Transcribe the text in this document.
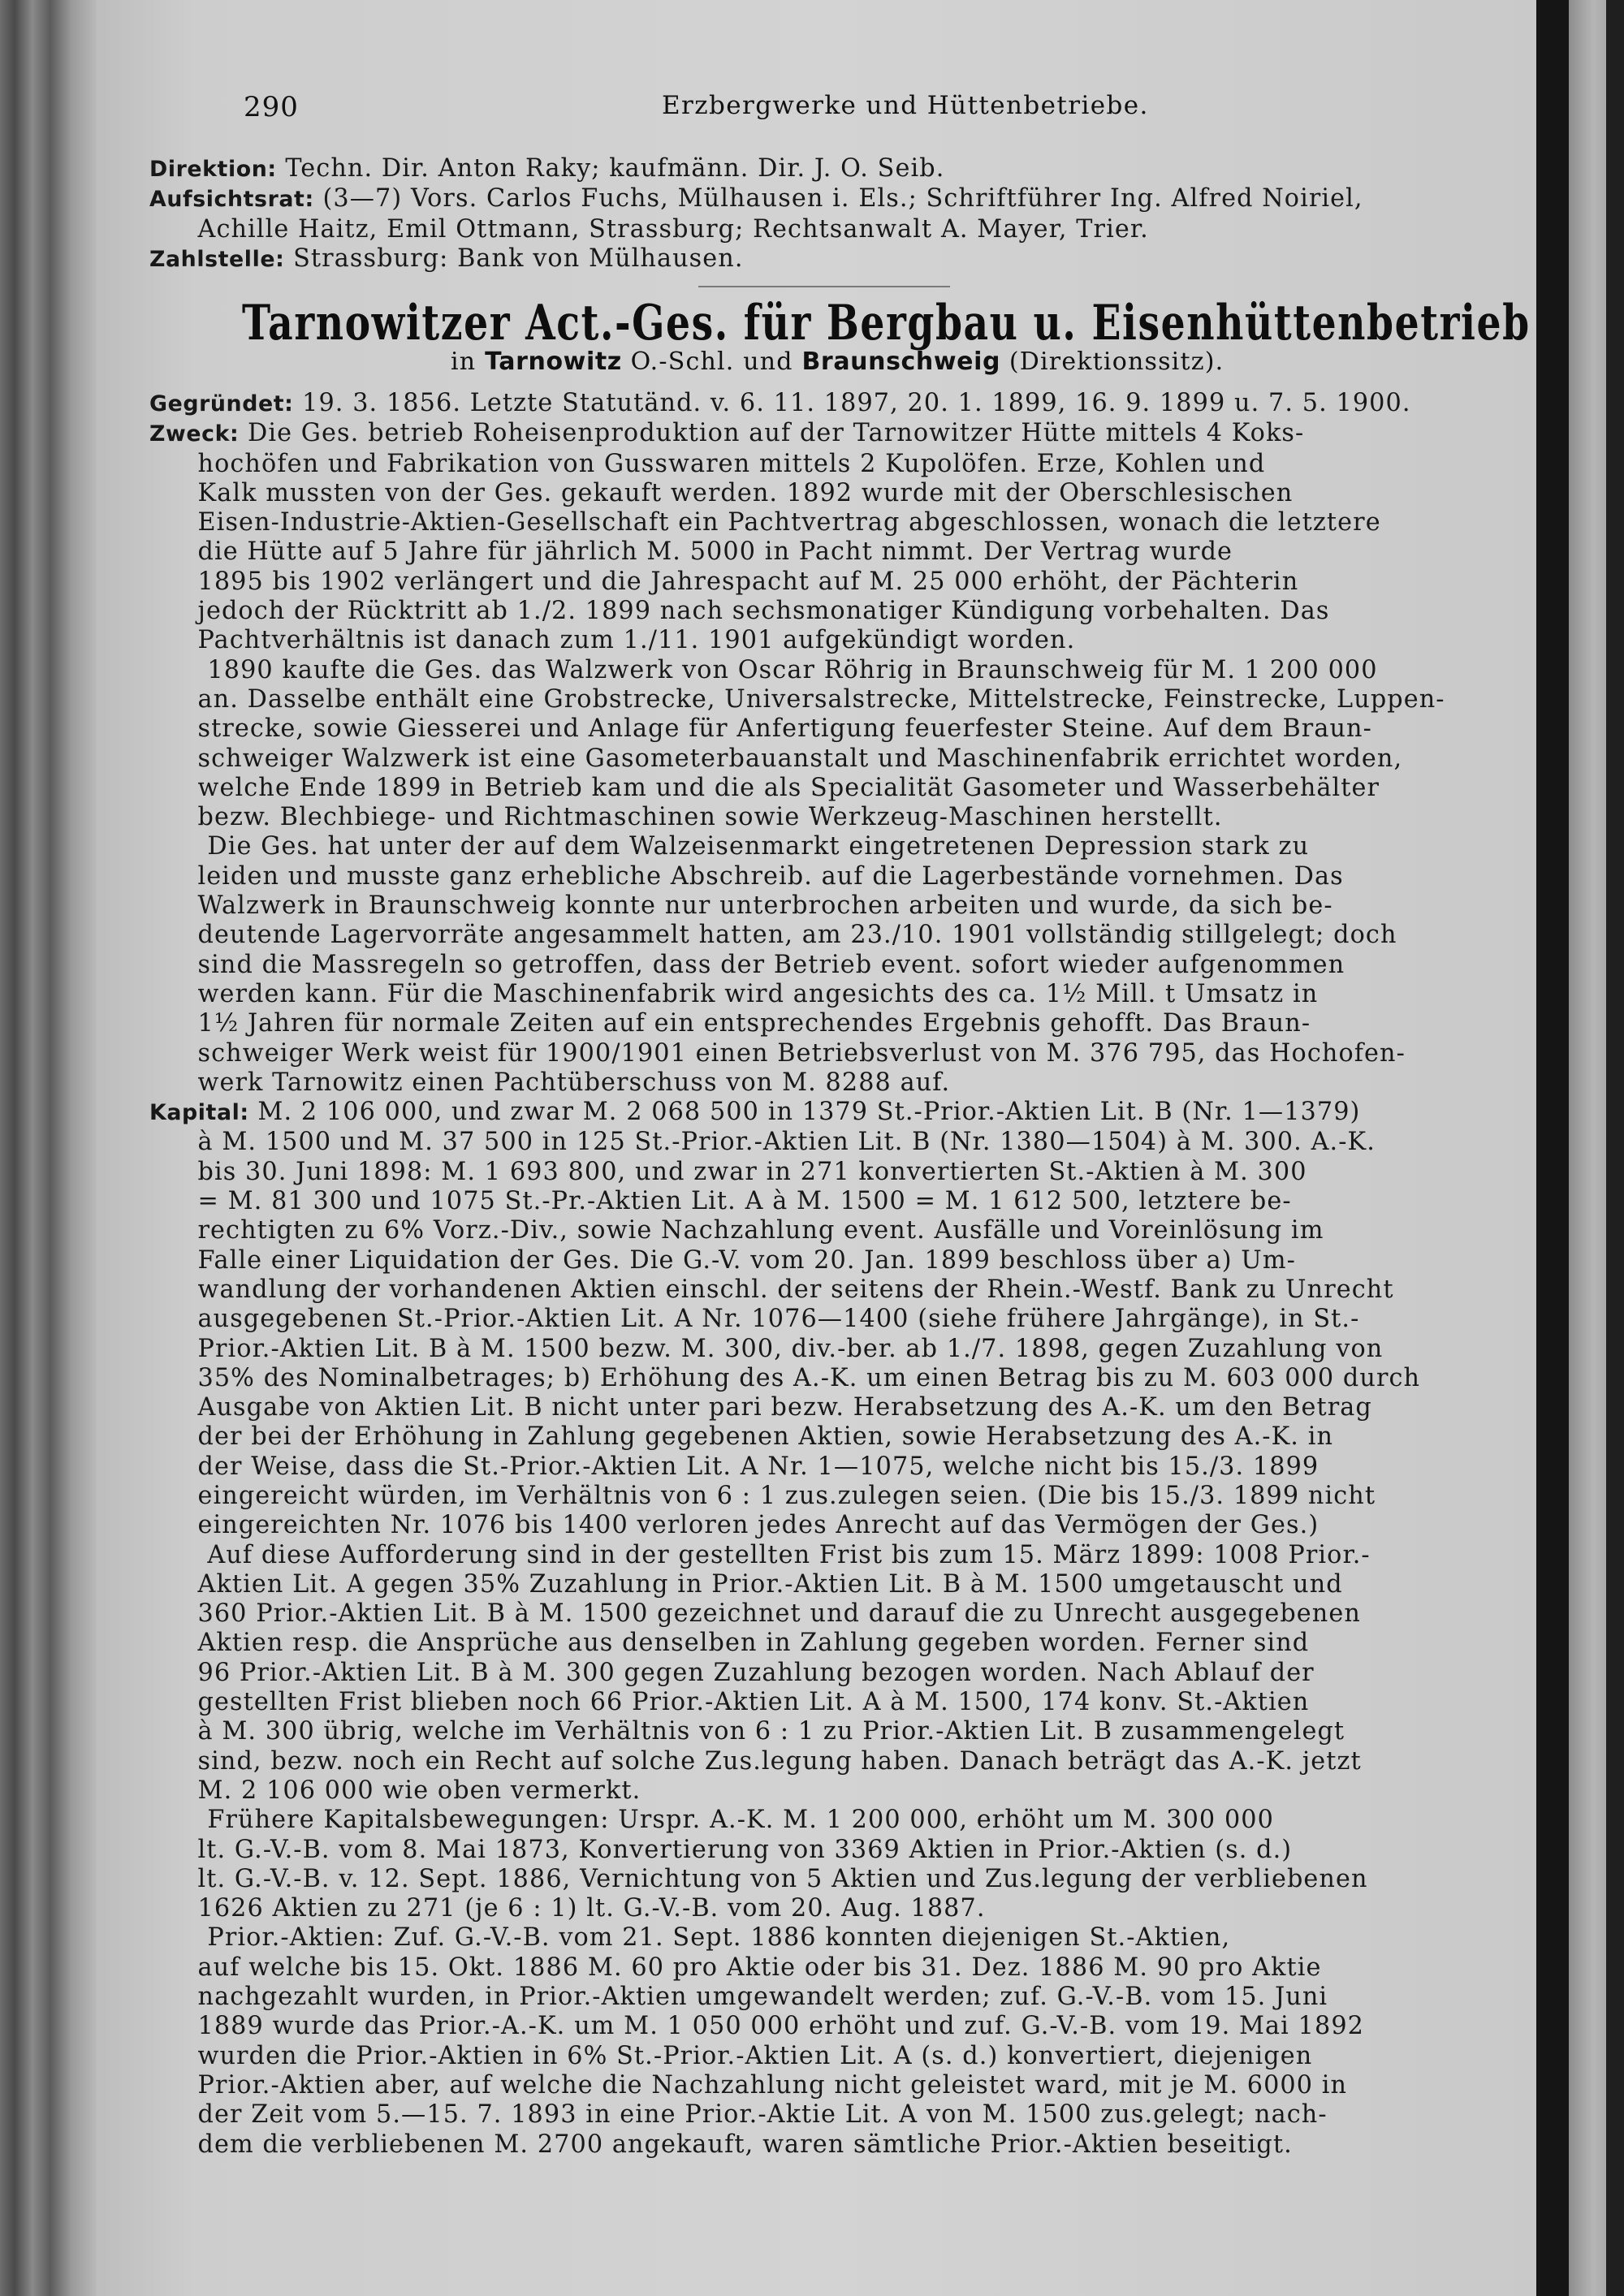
290	Erzbergwerke und Hüttenbetriebe.

Direktion: Techn. Dir. Anton Raky; kaufmänn. Dir. J. O. Seib.

Aufsichtsrat: (3—7) Vors. Carlos Fuchs, Mülhausen i. Els.; Schriftführer Ing. Alfred Noiriel,

Achille Haitz, Emil Ottmann, Strassburg; Rechtsanwalt A. Mayer, Trier.

Zahlstelle: Strassburg: Bank von Mülhausen.

Tarnowitzer Act.-Ges. für Bergbau u. Eisenhüttenbetrieb
in Tarnowitz O.-Schl. und Braunschweig (Direktionssitz).

Gegründet: 19. 3. 1856. Letzte Statutänd. v. 6. 11. 1897, 20. 1. 1899, 16. 9. 1899 u. 7. 5. 1900.

Zweck: Die Ges. betrieb Roheisenproduktion auf der Tarnowitzer Hütte mittels 4 Koks-

hochöfen und Fabrikation von Gusswaren mittels 2 Kupolöfen. Erze, Kohlen und

Kalk mussten von der Ges. gekauft werden. 1892 wurde mit der Oberschlesischen

Eisen-Industrie-Aktien-Gesellschaft ein Pachtvertrag abgeschlossen, wonach die letztere

die Hütte auf 5 Jahre für jährlich M. 5000 in Pacht nimmt. Der Vertrag wurde

1895 bis 1902 verlängert und die Jahrespacht auf M. 25 000 erhöht, der Pächterin

jedoch der Rücktritt ab 1./2. 1899 nach sechsmonatiger Kündigung vorbehalten. Das

Pachtverhältnis ist danach zum 1./11. 1901 aufgekündigt worden.

1890 kaufte die Ges. das Walzwerk von Oscar Röhrig in Braunschweig für M. 1 200 000

an. Dasselbe enthält eine Grobstrecke, Universalstrecke, Mittelstrecke, Feinstrecke, Luppen-

strecke, sowie Giesserei und Anlage für Anfertigung feuerfester Steine. Auf dem Braun-

schweiger Walzwerk ist eine Gasometerbauanstalt und Maschinenfabrik errichtet worden,

welche Ende 1899 in Betrieb kam und die als Specialität Gasometer und Wasserbehälter

bezw. Blechbiege- und Richtmaschinen sowie Werkzeug-Maschinen herstellt.

Die Ges. hat unter der auf dem Walzeisenmarkt eingetretenen Depression stark zu

leiden und musste ganz erhebliche Abschreib. auf die Lagerbestände vornehmen. Das

Walzwerk in Braunschweig konnte nur unterbrochen arbeiten und wurde, da sich be-

deutende Lagervorräte angesammelt hatten, am 23./10. 1901 vollständig stillgelegt; doch

sind die Massregeln so getroffen, dass der Betrieb event. sofort wieder aufgenommen

werden kann. Für die Maschinenfabrik wird angesichts des ca. 1½ Mill. t Umsatz in

1½ Jahren für normale Zeiten auf ein entsprechendes Ergebnis gehofft. Das Braun-

schweiger Werk weist für 1900/1901 einen Betriebsverlust von M. 376 795, das Hochofen-

werk Tarnowitz einen Pachtüberschuss von M. 8288 auf.

Kapital: M. 2 106 000, und zwar M. 2 068 500 in 1379 St.-Prior.-Aktien Lit. B (Nr. 1—1379)

à M. 1500 und M. 37 500 in 125 St.-Prior.-Aktien Lit. B (Nr. 1380—1504) à M. 300. A.-K.

bis 30. Juni 1898: M. 1 693 800, und zwar in 271 konvertierten St.-Aktien à M. 300

= M. 81 300 und 1075 St.-Pr.-Aktien Lit. A à M. 1500 = M. 1 612 500, letztere be-

rechtigten zu 6% Vorz.-Div., sowie Nachzahlung event. Ausfälle und Voreinlösung im

Falle einer Liquidation der Ges. Die G.-V. vom 20. Jan. 1899 beschloss über a) Um-

wandlung der vorhandenen Aktien einschl. der seitens der Rhein.-Westf. Bank zu Unrecht

ausgegebenen St.-Prior.-Aktien Lit. A Nr. 1076—1400 (siehe frühere Jahrgänge), in St.-

Prior.-Aktien Lit. B à M. 1500 bezw. M. 300, div.-ber. ab 1./7. 1898, gegen Zuzahlung von

35% des Nominalbetrages; b) Erhöhung des A.-K. um einen Betrag bis zu M. 603 000 durch

Ausgabe von Aktien Lit. B nicht unter pari bezw. Herabsetzung des A.-K. um den Betrag

der bei der Erhöhung in Zahlung gegebenen Aktien, sowie Herabsetzung des A.-K. in

der Weise, dass die St.-Prior.-Aktien Lit. A Nr. 1—1075, welche nicht bis 15./3. 1899

eingereicht würden, im Verhältnis von 6 : 1 zus.zulegen seien. (Die bis 15./3. 1899 nicht

eingereichten Nr. 1076 bis 1400 verloren jedes Anrecht auf das Vermögen der Ges.)

Auf diese Aufforderung sind in der gestellten Frist bis zum 15. März 1899: 1008 Prior.-

Aktien Lit. A gegen 35% Zuzahlung in Prior.-Aktien Lit. B à M. 1500 umgetauscht und

360 Prior.-Aktien Lit. B à M. 1500 gezeichnet und darauf die zu Unrecht ausgegebenen

Aktien resp. die Ansprüche aus denselben in Zahlung gegeben worden. Ferner sind

96 Prior.-Aktien Lit. B à M. 300 gegen Zuzahlung bezogen worden. Nach Ablauf der

gestellten Frist blieben noch 66 Prior.-Aktien Lit. A à M. 1500, 174 konv. St.-Aktien

à M. 300 übrig, welche im Verhältnis von 6 : 1 zu Prior.-Aktien Lit. B zusammengelegt

sind, bezw. noch ein Recht auf solche Zus.legung haben. Danach beträgt das A.-K. jetzt

M. 2 106 000 wie oben vermerkt.

Frühere Kapitalsbewegungen: Urspr. A.-K. M. 1 200 000, erhöht um M. 300 000

lt. G.-V.-B. vom 8. Mai 1873, Konvertierung von 3369 Aktien in Prior.-Aktien (s. d.)

lt. G.-V.-B. v. 12. Sept. 1886, Vernichtung von 5 Aktien und Zus.legung der verbliebenen

1626 Aktien zu 271 (je 6 : 1) lt. G.-V.-B. vom 20. Aug. 1887.

Prior.-Aktien: Zuf. G.-V.-B. vom 21. Sept. 1886 konnten diejenigen St.-Aktien,

auf welche bis 15. Okt. 1886 M. 60 pro Aktie oder bis 31. Dez. 1886 M. 90 pro Aktie

nachgezahlt wurden, in Prior.-Aktien umgewandelt werden; zuf. G.-V.-B. vom 15. Juni

1889 wurde das Prior.-A.-K. um M. 1 050 000 erhöht und zuf. G.-V.-B. vom 19. Mai 1892

wurden die Prior.-Aktien in 6% St.-Prior.-Aktien Lit. A (s. d.) konvertiert, diejenigen

Prior.-Aktien aber, auf welche die Nachzahlung nicht geleistet ward, mit je M. 6000 in

der Zeit vom 5.—15. 7. 1893 in eine Prior.-Aktie Lit. A von M. 1500 zus.gelegt; nach-

dem die verbliebenen M. 2700 angekauft, waren sämtliche Prior.-Aktien beseitigt.
